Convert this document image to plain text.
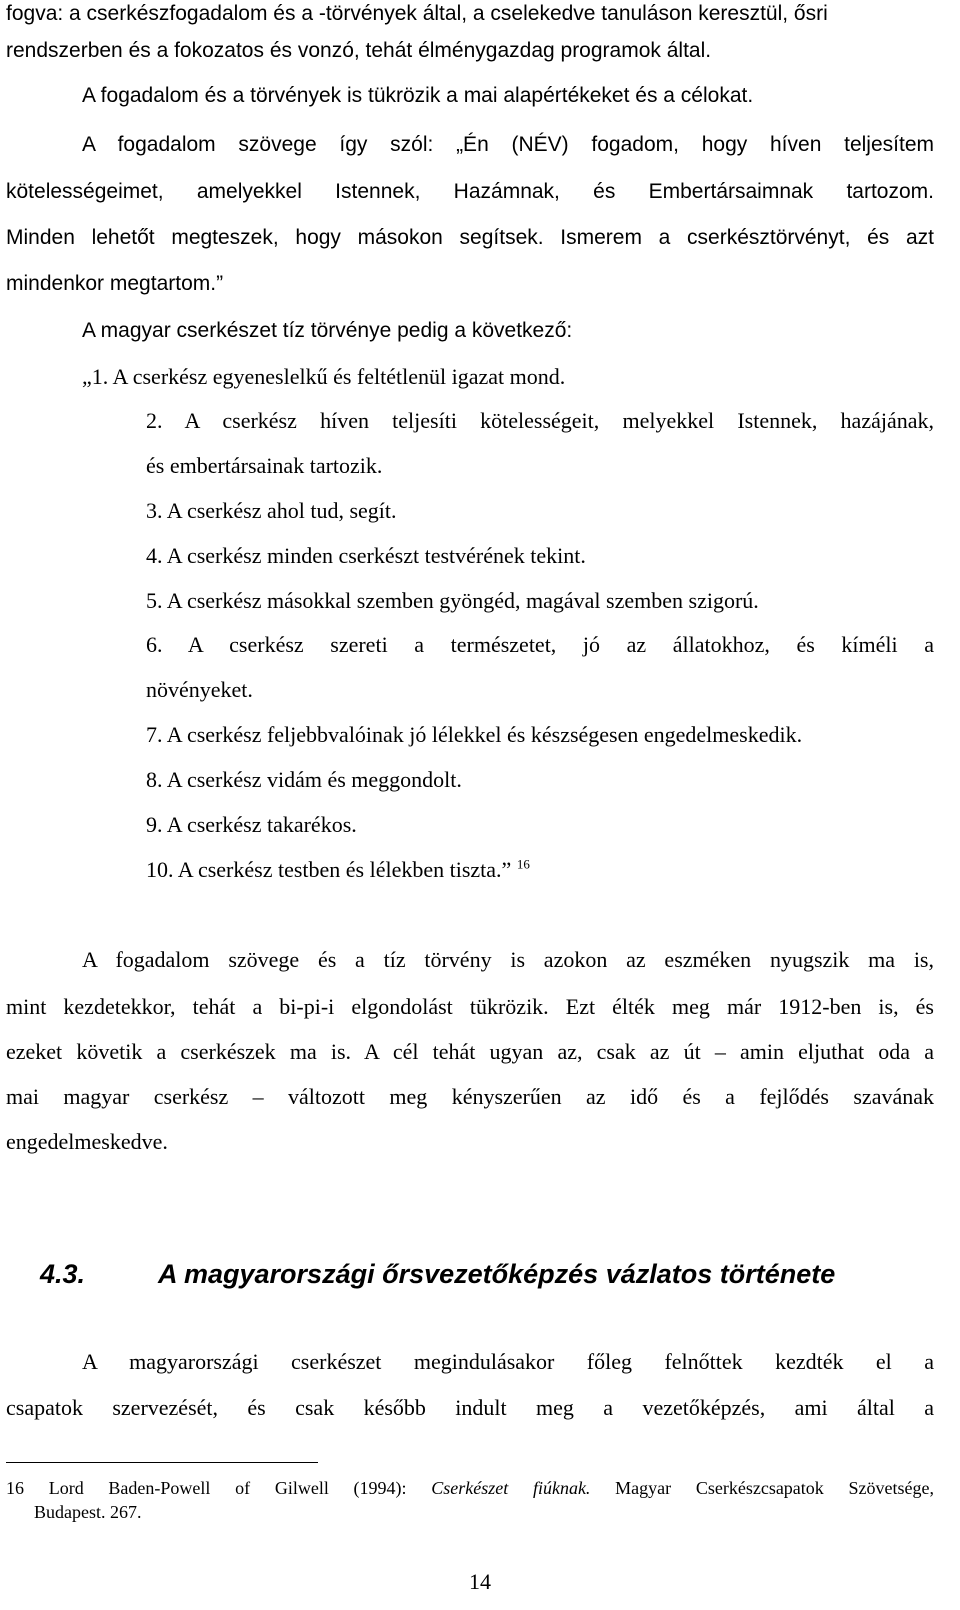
fogva: a cserkészfogadalom és a -törvények által, a cselekedve tanuláson keresztül, ősri
rendszerben és a fokozatos és vonzó, tehát élménygazdag programok által.
A fogadalom és a törvények is tükrözik a mai alapértékeket és a célokat.
A fogadalom szövege így szól: „Én (NÉV) fogadom, hogy híven teljesítem
kötelességeimet, amelyekkel Istennek, Hazámnak, és Embertársaimnak tartozom.
Minden lehetőt megteszek, hogy másokon segítsek. Ismerem a cserkésztörvényt, és azt
mindenkor megtartom.”
A magyar cserkészet tíz törvénye pedig a következő:
„1. A cserkész egyeneslelkű és feltétlenül igazat mond.
2. A cserkész híven teljesíti kötelességeit, melyekkel Istennek, hazájának,
és embertársainak tartozik.
3. A cserkész ahol tud, segít.
4. A cserkész minden cserkészt testvérének tekint.
5. A cserkész másokkal szemben gyöngéd, magával szemben szigorú.
6. A cserkész szereti a természetet, jó az állatokhoz, és kíméli a
növényeket.
7. A cserkész feljebbvalóinak jó lélekkel és készségesen engedelmeskedik.
8. A cserkész vidám és meggondolt.
9. A cserkész takarékos.
10. A cserkész testben és lélekben tiszta.” $^{16}$
A fogadalom szövege és a tíz törvény is azokon az eszméken nyugszik ma is,
mint kezdetekkor, tehát a bi-pi-i elgondolást tükrözik. Ezt élték meg már 1912-ben is, és
ezeket követik a cserkészek ma is. A cél tehát ugyan az, csak az út – amin eljuthat oda a
mai magyar cserkész – változott meg kényszerűen az idő és a fejlődés szavának
engedelmeskedve.
4.3.	A magyarországi őrsvezetőképzés vázlatos története
A magyarországi cserkészet megindulásakor főleg felnőttek kezdték el a
csapatok szervezését, és csak később indult meg a vezetőképzés, ami által a
16 Lord Baden-Powell of Gilwell (1994): Cserkészet fiúknak. Magyar Cserkészcsapatok Szövetsége,
Budapest. 267.
14
